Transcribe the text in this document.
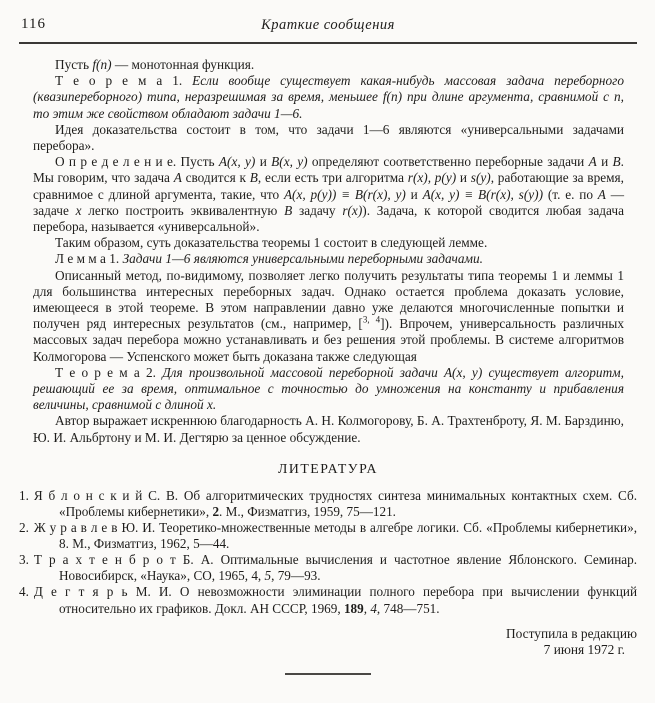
116	Краткие сообщения

Пусть f(n) — монотонная функция.

Т е о р е м а 1. Если вообще существует какая-нибудь массовая задача переборного (квазипереборного) типа, неразрешимая за время, меньшее f(n) при длине аргумента, сравнимой с n, то этим же свойством обладают задачи 1—6.

Идея доказательства состоит в том, что задачи 1—6 являются «универсальными задачами перебора».

О п р е д е л е н и е. Пусть A(x, y) и B(x, y) определяют соответственно переборные задачи A и B. Мы говорим, что задача A сводится к B, если есть три алгоритма r(x), p(y) и s(y), работающие за время, сравнимое с длиной аргумента, такие, что A(x, p(y)) ≡ B(r(x), y) и A(x, y) ≡ B(r(x), s(y)) (т. е. по A — задаче x легко построить эквивалентную B задачу r(x)). Задача, к которой сводится любая задача перебора, называется «универсальной».

Таким образом, суть доказательства теоремы 1 состоит в следующей лемме.

Л е м м а 1. Задачи 1—6 являются универсальными переборными задачами.

Описанный метод, по-видимому, позволяет легко получить результаты типа теоремы 1 и леммы 1 для большинства интересных переборных задач. Однако остается проблема доказать условие, имеющееся в этой теореме. В этом направлении давно уже делаются многочисленные попытки и получен ряд интересных результатов (см., например, [$^{3, 4}$]). Впрочем, универсальность различных массовых задач перебора можно устанавливать и без решения этой проблемы. В системе алгоритмов Колмогорова — Успенского может быть доказана также следующая

Т е о р е м а 2. Для произвольной массовой переборной задачи A(x, y) существует алгоритм, решающий ее за время, оптимальное с точностью до умножения на константу и прибавления величины, сравнимой с длиной x.

Автор выражает искреннюю благодарность А. Н. Колмогорову, Б. А. Трахтенброту, Я. М. Барздиню, Ю. И. Альбртону и М. И. Дегтярю за ценное обсуждение.

ЛИТЕРАТУРА

1. Я б л о н с к и й С. В. Об алгоритмических трудностях синтеза минимальных контактных схем. Сб. «Проблемы кибернетики», 2. М., Физматгиз, 1959, 75—121.

2. Ж у р а в л е в Ю. И. Теоретико-множественные методы в алгебре логики. Сб. «Проблемы кибернетики», 8. М., Физматгиз, 1962, 5—44.

3. Т р а х т е н б р о т Б. А. Оптимальные вычисления и частотное явление Яблонского. Семинар. Новосибирск, «Наука», СО, 1965, 4, 5, 79—93.

4. Д е г т я р ь М. И. О невозможности элиминации полного перебора при вычислении функций относительно их графиков. Докл. АН СССР, 1969, 189, 4, 748—751.

Поступила в редакцию
7 июня 1972 г.
